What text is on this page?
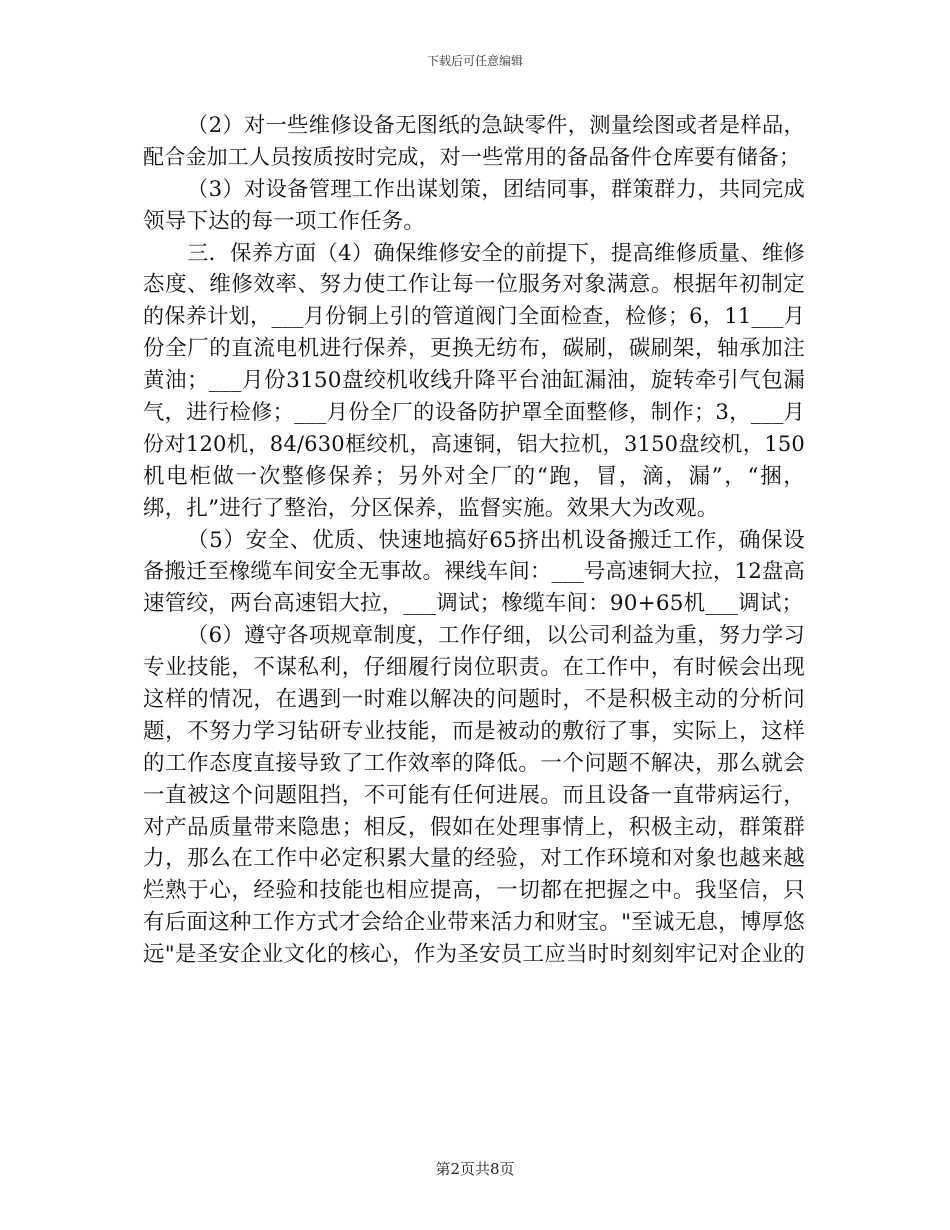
下载后可任意编辑
（2）对一些维修设备无图纸的急缺零件，测量绘图或者是样品，
配合金加工人员按质按时完成，对一些常用的备品备件仓库要有储备；
（3）对设备管理工作出谋划策，团结同事，群策群力，共同完成
领导下达的每一项工作任务。
三．保养方面（4）确保维修安全的前提下，提高维修质量、维修
态度、维修效率、努力使工作让每一位服务对象满意。根据年初制定
的保养计划，___月份铜上引的管道阀门全面检查，检修；6，11___月
份全厂的直流电机进行保养，更换无纺布，碳刷，碳刷架，轴承加注
黄油；___月份3150盘绞机收线升降平台油缸漏油，旋转牵引气包漏
气，进行检修；___月份全厂的设备防护罩全面整修，制作；3，___月
份对120机，84/630框绞机，高速铜，铝大拉机，3150盘绞机，150
机电柜做一次整修保养；另外对全厂的“跑，冒，滴，漏”，“捆，
绑，扎”进行了整治，分区保养，监督实施。效果大为改观。
（5）安全、优质、快速地搞好65挤出机设备搬迁工作，确保设
备搬迁至橡缆车间安全无事故。裸线车间：___号高速铜大拉，12盘高
速管绞，两台高速铝大拉，___调试；橡缆车间：90+65机___调试；
（6）遵守各项规章制度，工作仔细，以公司利益为重，努力学习
专业技能，不谋私利，仔细履行岗位职责。在工作中，有时候会出现
这样的情况，在遇到一时难以解决的问题时，不是积极主动的分析问
题，不努力学习钻研专业技能，而是被动的敷衍了事，实际上，这样
的工作态度直接导致了工作效率的降低。一个问题不解决，那么就会
一直被这个问题阻挡，不可能有任何进展。而且设备一直带病运行，
对产品质量带来隐患；相反，假如在处理事情上，积极主动，群策群
力，那么在工作中必定积累大量的经验，对工作环境和对象也越来越
烂熟于心，经验和技能也相应提高，一切都在把握之中。我坚信，只
有后面这种工作方式才会给企业带来活力和财宝。"至诚无息，博厚悠
远"是圣安企业文化的核心，作为圣安员工应当时时刻刻牢记对企业的
第2页共8页
